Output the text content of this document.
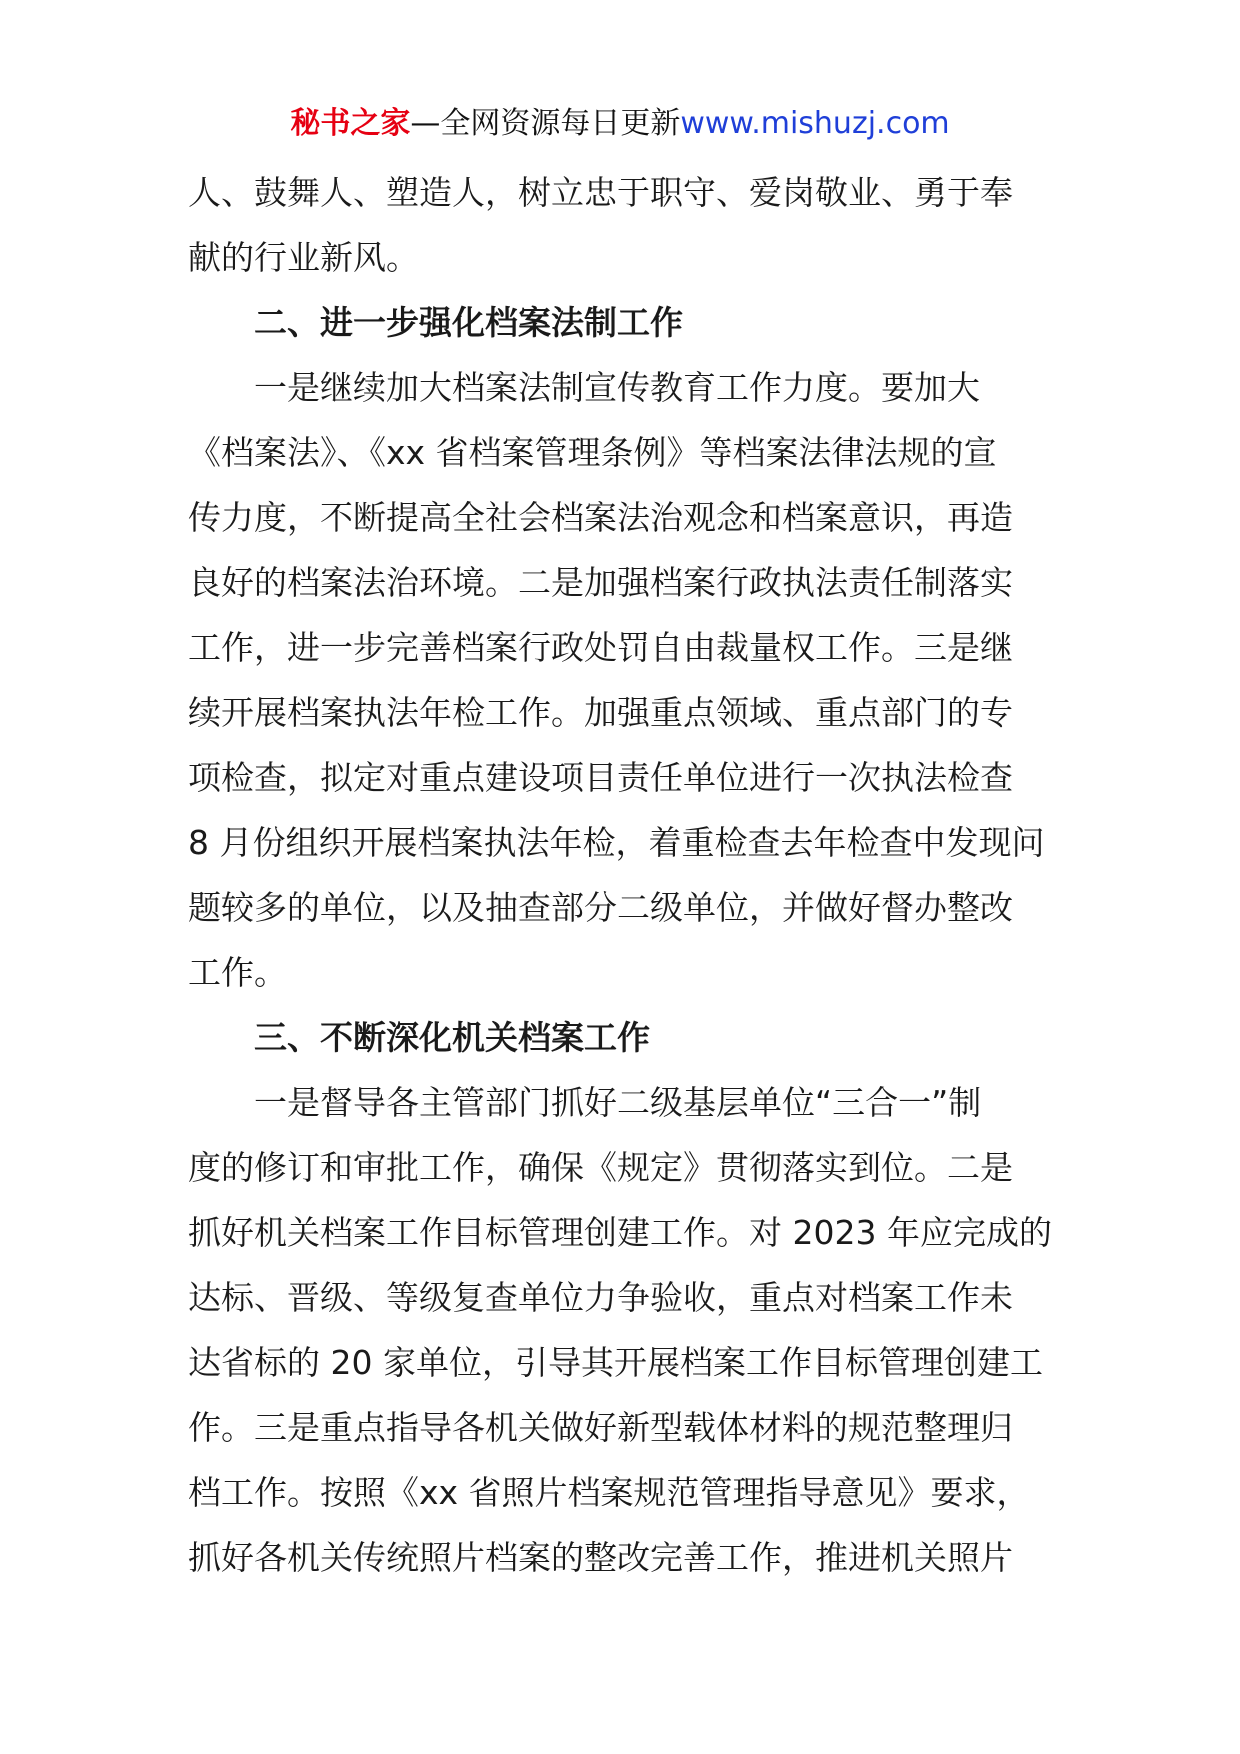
秘书之家—全网资源每日更新www.mishuzj.com
人、鼓舞人、塑造人，树立忠于职守、爱岗敬业、勇于奉
献的行业新风。
二、进一步强化档案法制工作
一是继续加大档案法制宣传教育工作力度。要加大
《档案法》、《xx 省档案管理条例》等档案法律法规的宣
传力度，不断提高全社会档案法治观念和档案意识，再造
良好的档案法治环境。二是加强档案行政执法责任制落实
工作，进一步完善档案行政处罚自由裁量权工作。三是继
续开展档案执法年检工作。加强重点领域、重点部门的专
项检查，拟定对重点建设项目责任单位进行一次执法检查
8 月份组织开展档案执法年检，着重检查去年检查中发现问
题较多的单位，以及抽查部分二级单位，并做好督办整改
工作。
三、不断深化机关档案工作
一是督导各主管部门抓好二级基层单位“三合一”制
度的修订和审批工作，确保《规定》贯彻落实到位。二是
抓好机关档案工作目标管理创建工作。对 2023 年应完成的
达标、晋级、等级复查单位力争验收，重点对档案工作未
达省标的 20 家单位，引导其开展档案工作目标管理创建工
作。三是重点指导各机关做好新型载体材料的规范整理归
档工作。按照《xx 省照片档案规范管理指导意见》要求，
抓好各机关传统照片档案的整改完善工作，推进机关照片
